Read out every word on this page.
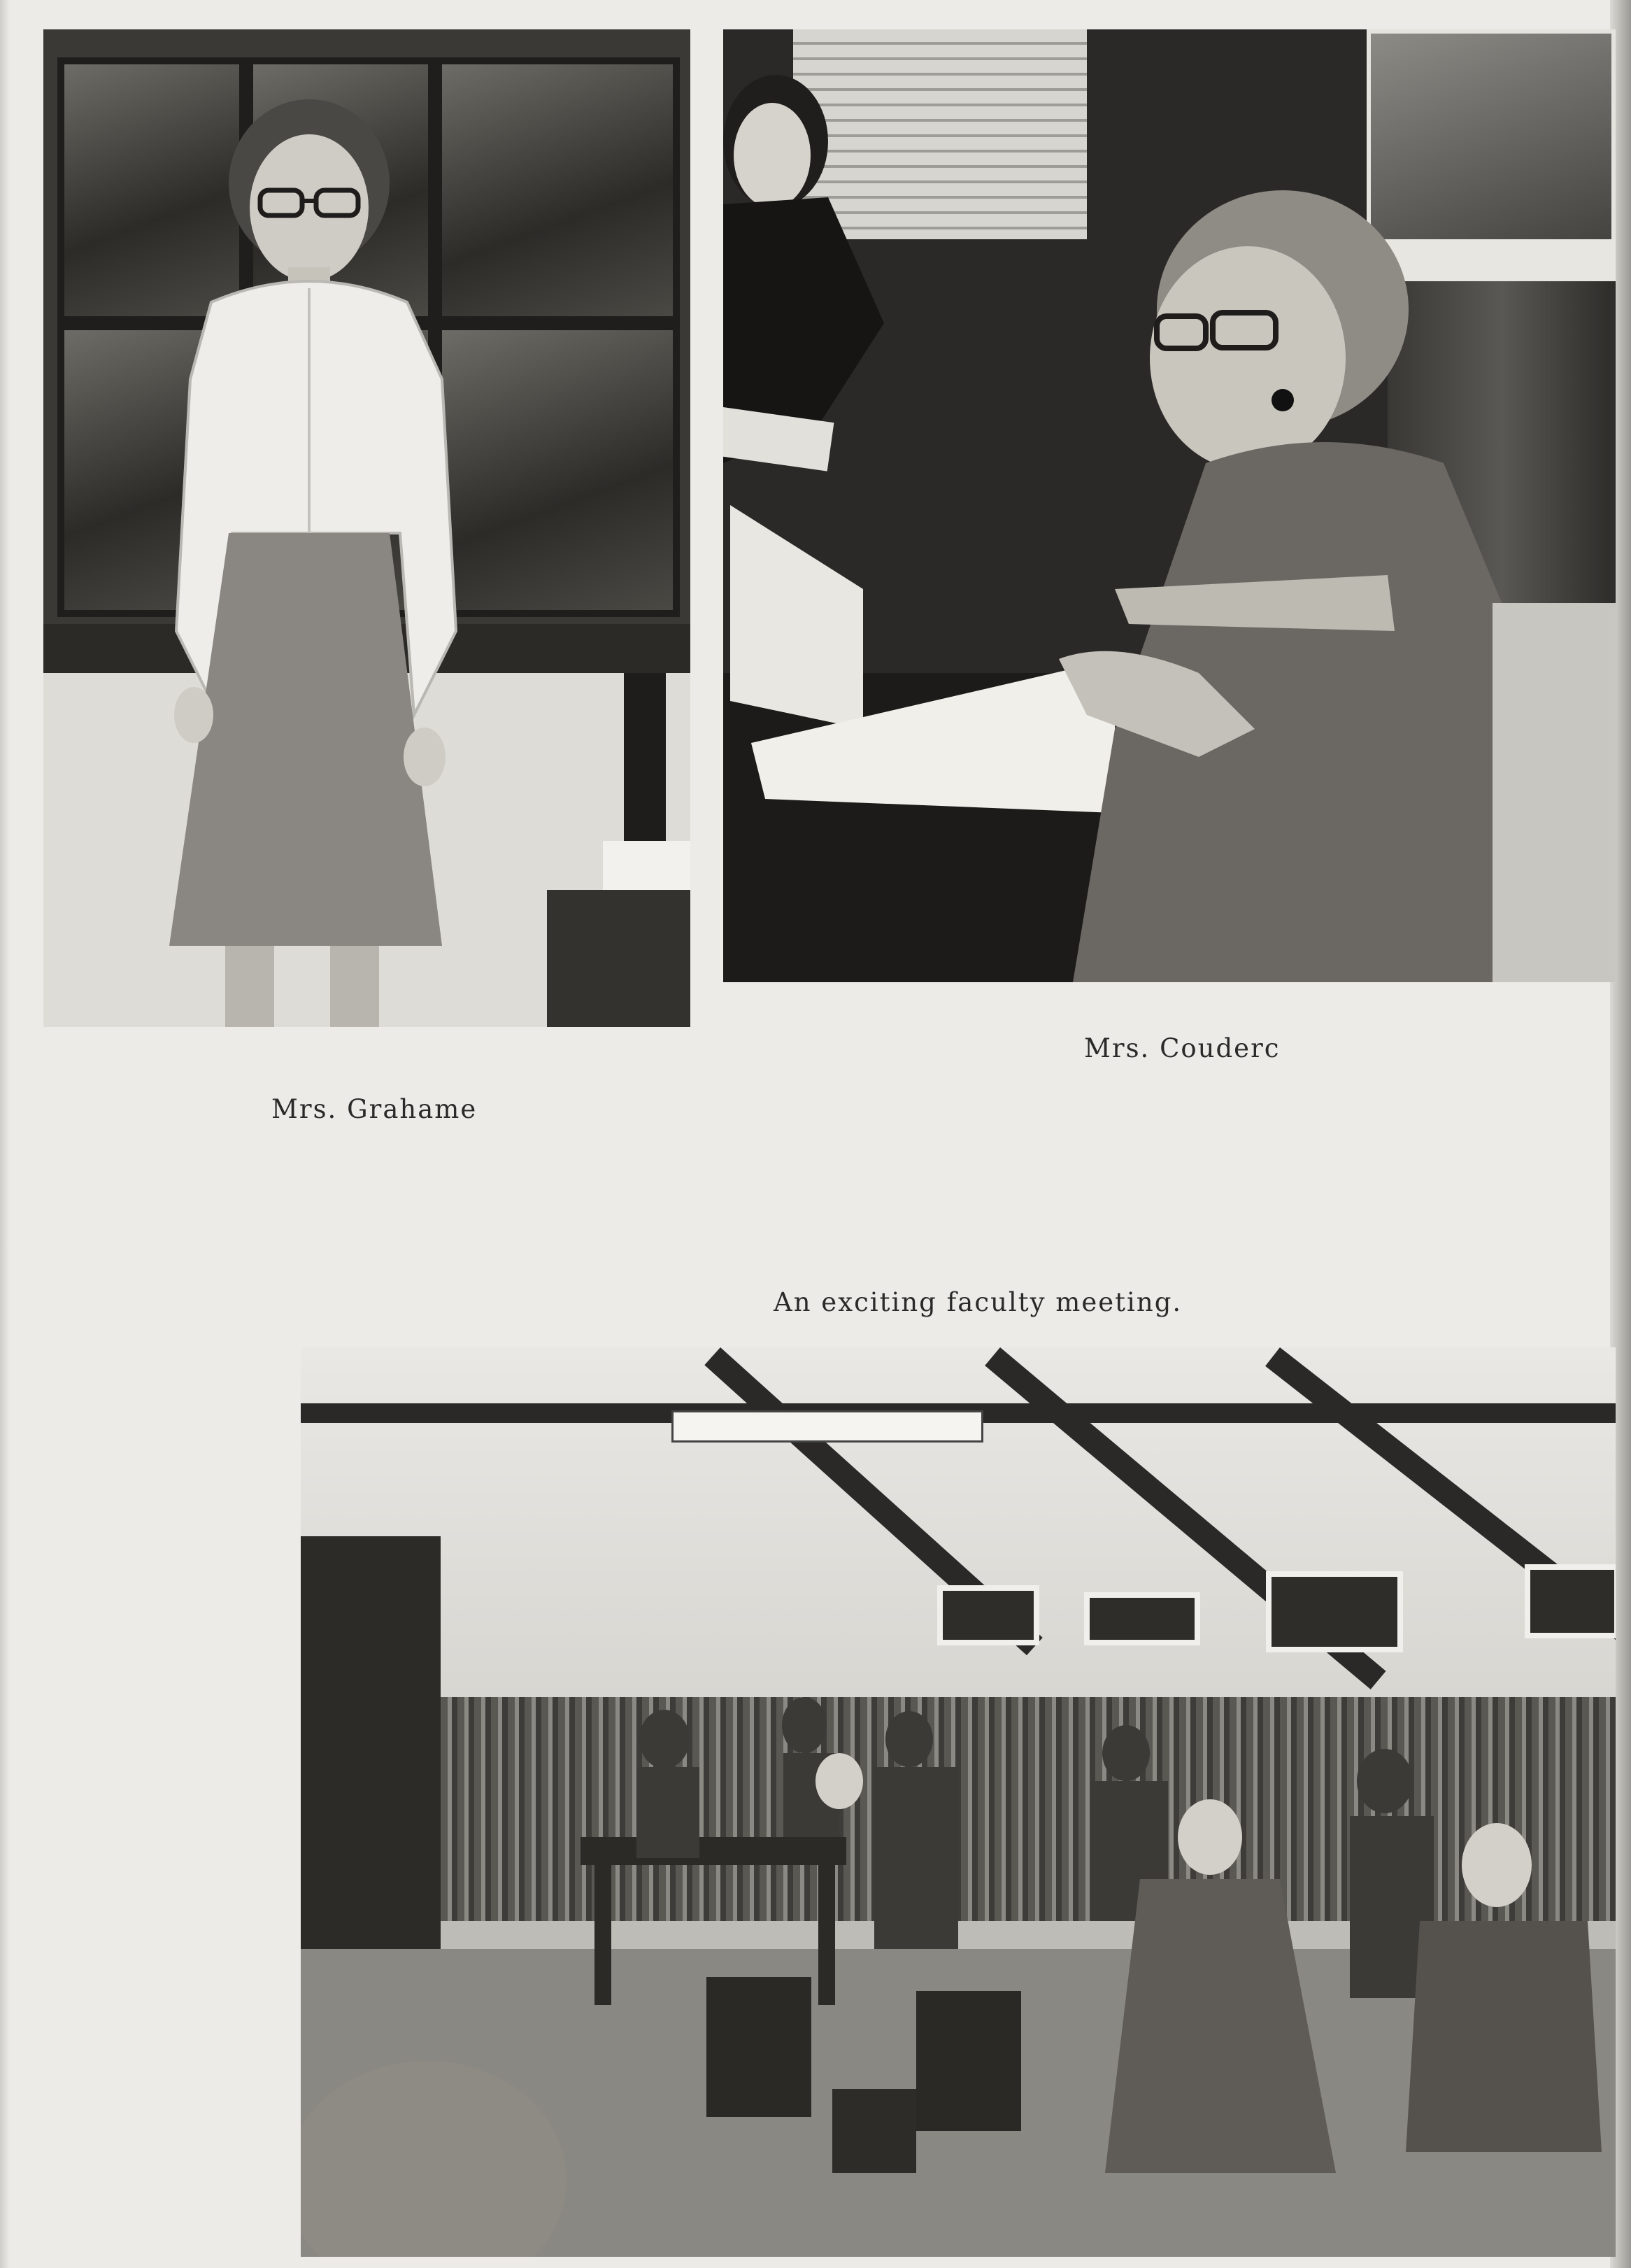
Mrs. Couderc
Mrs. Grahame
An exciting faculty meeting.
